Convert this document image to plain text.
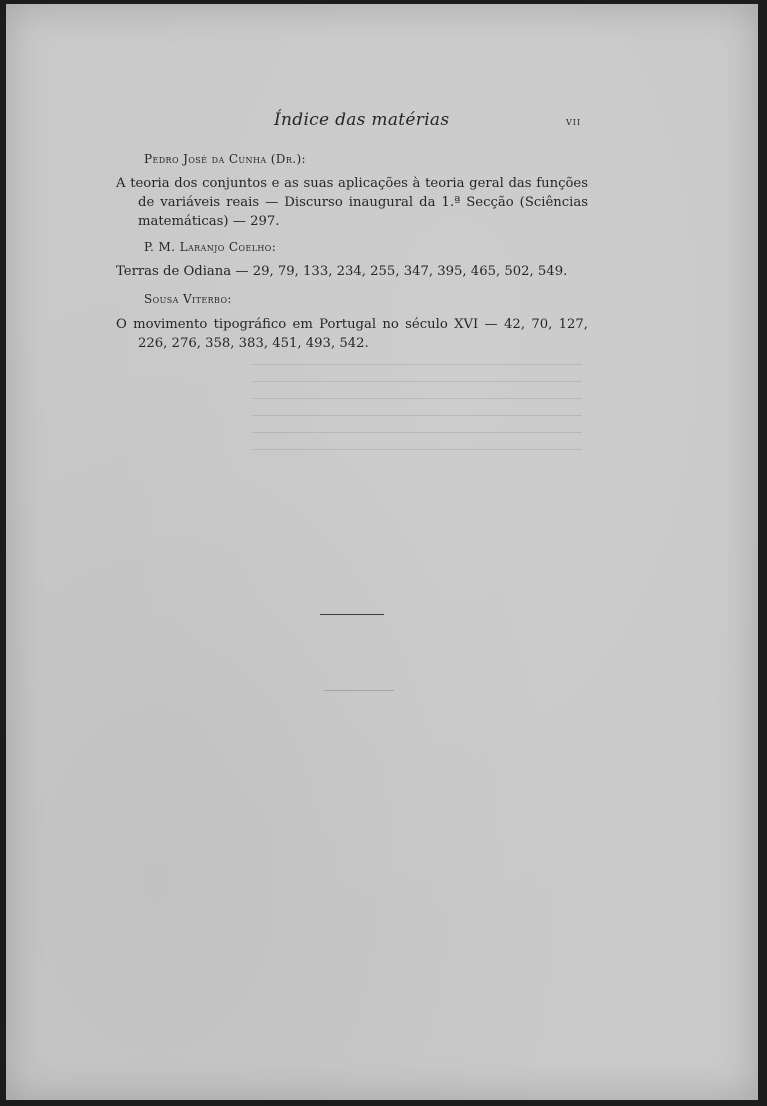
Índice das matérias	vii
Pedro José da Cunha (Dr.):

A teoria dos conjuntos e as suas aplicações à teoria geral das funções de variáveis reais — Discurso inaugural da 1.ª Secção (Sciências matemáticas) — 297.

P. M. Laranjo Coelho:

Terras de Odiana — 29, 79, 133, 234, 255, 347, 395, 465, 502, 549.

Sousa Viterbo:

O movimento tipográfico em Portugal no século XVI — 42, 70, 127, 226, 276, 358, 383, 451, 493, 542.
